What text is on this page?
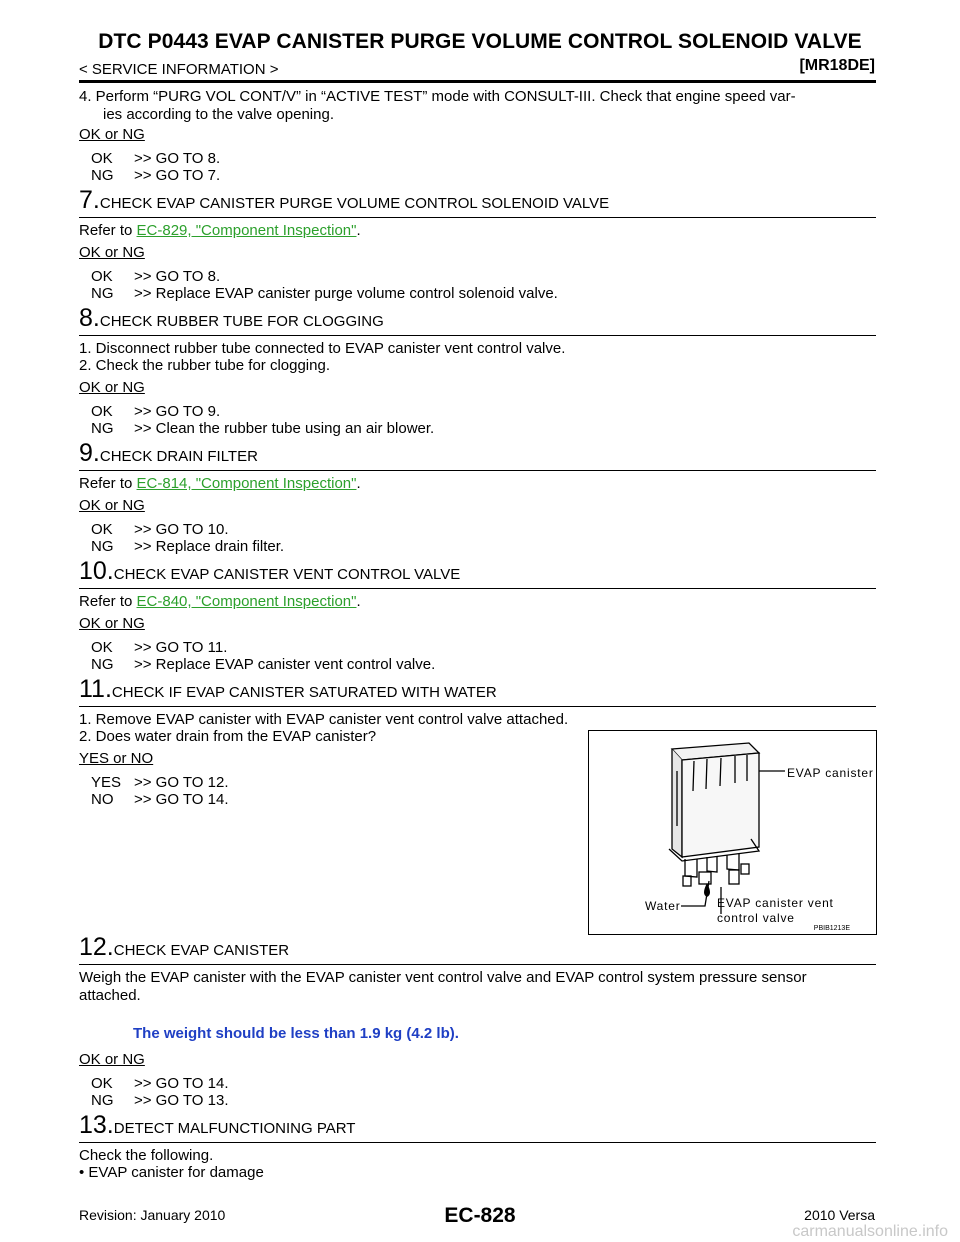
DTC P0443 EVAP CANISTER PURGE VOLUME CONTROL SOLENOID VALVE
< SERVICE INFORMATION >	[MR18DE]
4. Perform “PURG VOL CONT/V” in “ACTIVE TEST” mode with CONSULT-III. Check that engine speed var-
ies according to the valve opening.
OK or NG
OK >> GO TO 8.
NG >> GO TO 7.
7.CHECK EVAP CANISTER PURGE VOLUME CONTROL SOLENOID VALVE
Refer to EC-829, "Component Inspection".
OK or NG
OK >> GO TO 8.
NG >> Replace EVAP canister purge volume control solenoid valve.
8.CHECK RUBBER TUBE FOR CLOGGING
1. Disconnect rubber tube connected to EVAP canister vent control valve.
2. Check the rubber tube for clogging.
OK or NG
OK >> GO TO 9.
NG >> Clean the rubber tube using an air blower.
9.CHECK DRAIN FILTER
Refer to EC-814, "Component Inspection".
OK or NG
OK >> GO TO 10.
NG >> Replace drain filter.
10.CHECK EVAP CANISTER VENT CONTROL VALVE
Refer to EC-840, "Component Inspection".
OK or NG
OK >> GO TO 11.
NG >> Replace EVAP canister vent control valve.
11.CHECK IF EVAP CANISTER SATURATED WITH WATER
1. Remove EVAP canister with EVAP canister vent control valve attached.
2. Does water drain from the EVAP canister?
YES or NO
YES >> GO TO 12.
NO >> GO TO 14.
EVAP canister
Water	EVAP canister vent
control valve
PBIB1213E
12.CHECK EVAP CANISTER
Weigh the EVAP canister with the EVAP canister vent control valve and EVAP control system pressure sensor
attached.
The weight should be less than 1.9 kg (4.2 lb).
OK or NG
OK >> GO TO 14.
NG >> GO TO 13.
13.DETECT MALFUNCTIONING PART
Check the following.
• EVAP canister for damage
Revision: January 2010	EC-828	2010 Versa
carmanualsonline.info
